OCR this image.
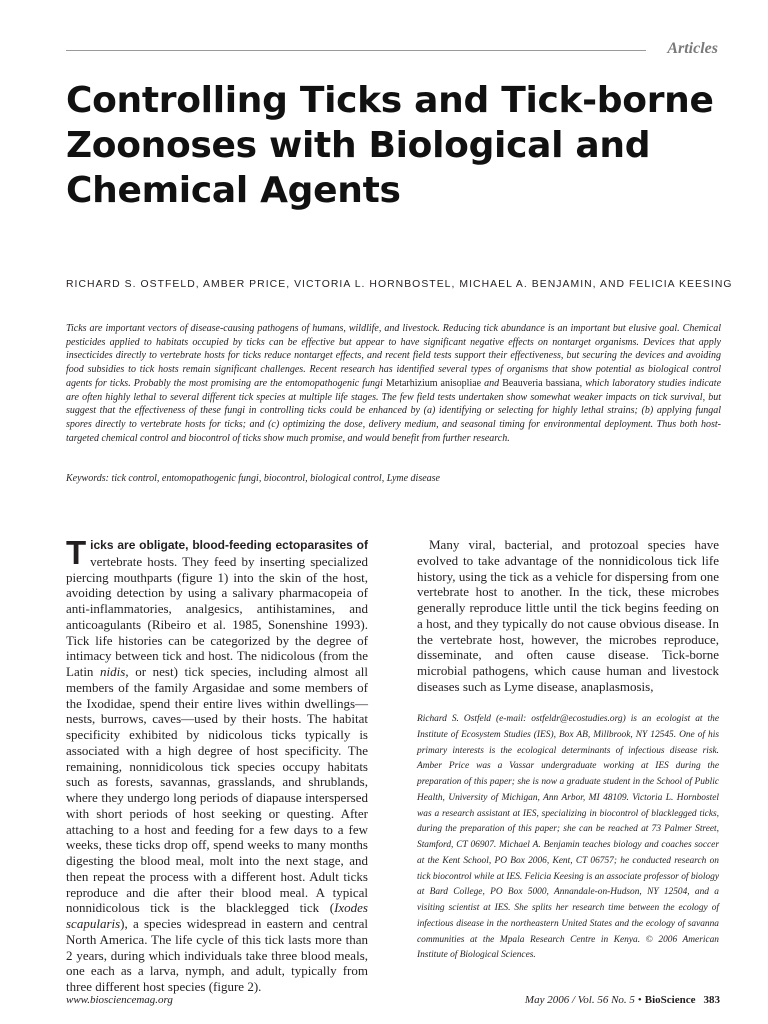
Articles
Controlling Ticks and Tick-borne Zoonoses with Biological and Chemical Agents
RICHARD S. OSTFELD, AMBER PRICE, VICTORIA L. HORNBOSTEL, MICHAEL A. BENJAMIN, AND FELICIA KEESING
Ticks are important vectors of disease-causing pathogens of humans, wildlife, and livestock. Reducing tick abundance is an important but elusive goal. Chemical pesticides applied to habitats occupied by ticks can be effective but appear to have significant negative effects on nontarget organisms. Devices that apply insecticides directly to vertebrate hosts for ticks reduce nontarget effects, and recent field tests support their effectiveness, but securing the devices and avoiding food subsidies to tick hosts remain significant challenges. Recent research has identified several types of organisms that show potential as biological control agents for ticks. Probably the most promising are the entomopathogenic fungi Metarhizium anisopliae and Beauveria bassiana, which laboratory studies indicate are often highly lethal to several different tick species at multiple life stages. The few field tests undertaken show somewhat weaker impacts on tick survival, but suggest that the effectiveness of these fungi in controlling ticks could be enhanced by (a) identifying or selecting for highly lethal strains; (b) applying fungal spores directly to vertebrate hosts for ticks; and (c) optimizing the dose, delivery medium, and seasonal timing for environmental deployment. Thus both host-targeted chemical control and biocontrol of ticks show much promise, and would benefit from further research.
Keywords: tick control, entomopathogenic fungi, biocontrol, biological control, Lyme disease

Ticks are obligate, blood-feeding ectoparasites of vertebrate hosts. They feed by inserting specialized piercing mouthparts (figure 1) into the skin of the host, avoiding detection by using a salivary pharmacopeia of anti-inflammatories, analgesics, antihistamines, and anticoagulants (Ribeiro et al. 1985, Sonenshine 1993). Tick life histories can be categorized by the degree of intimacy between tick and host. The nidicolous (from the Latin nidis, or nest) tick species, including almost all members of the family Argasidae and some members of the Ixodidae, spend their entire lives within dwellings—nests, burrows, caves—used by their hosts. The habitat specificity exhibited by nidicolous ticks typically is associated with a high degree of host specificity. The remaining, nonnidicolous tick species occupy habitats such as forests, savannas, grasslands, and shrublands, where they undergo long periods of diapause interspersed with short periods of host seeking or questing. After attaching to a host and feeding for a few days to a few weeks, these ticks drop off, spend weeks to many months digesting the blood meal, molt into the next stage, and then repeat the process with a different host. Adult ticks reproduce and die after their blood meal. A typical nonnidicolous tick is the blacklegged tick (Ixodes scapularis), a species widespread in eastern and central North America. The life cycle of this tick lasts more than 2 years, during which individuals take three blood meals, one each as a larva, nymph, and adult, typically from three different host species (figure 2).

Many viral, bacterial, and protozoal species have evolved to take advantage of the nonnidicolous tick life history, using the tick as a vehicle for dispersing from one vertebrate host to another. In the tick, these microbes generally reproduce little until the tick begins feeding on a host, and they typically do not cause obvious disease. In the vertebrate host, however, the microbes reproduce, disseminate, and often cause disease. Tick-borne microbial pathogens, which cause human and livestock diseases such as Lyme disease, anaplasmosis,

Richard S. Ostfeld (e-mail: ostfeldr@ecostudies.org) is an ecologist at the Institute of Ecosystem Studies (IES), Box AB, Millbrook, NY 12545. One of his primary interests is the ecological determinants of infectious disease risk. Amber Price was a Vassar undergraduate working at IES during the preparation of this paper; she is now a graduate student in the School of Public Health, University of Michigan, Ann Arbor, MI 48109. Victoria L. Hornbostel was a research assistant at IES, specializing in biocontrol of blacklegged ticks, during the preparation of this paper; she can be reached at 73 Palmer Street, Stamford, CT 06907. Michael A. Benjamin teaches biology and coaches soccer at the Kent School, PO Box 2006, Kent, CT 06757; he conducted research on tick biocontrol while at IES. Felicia Keesing is an associate professor of biology at Bard College, PO Box 5000, Annandale-on-Hudson, NY 12504, and a visiting scientist at IES. She splits her research time between the ecology of infectious disease in the northeastern United States and the ecology of savanna communities at the Mpala Research Centre in Kenya. © 2006 American Institute of Biological Sciences.
www.biosciencemag.org	May 2006 / Vol. 56 No. 5 • BioScience 383
